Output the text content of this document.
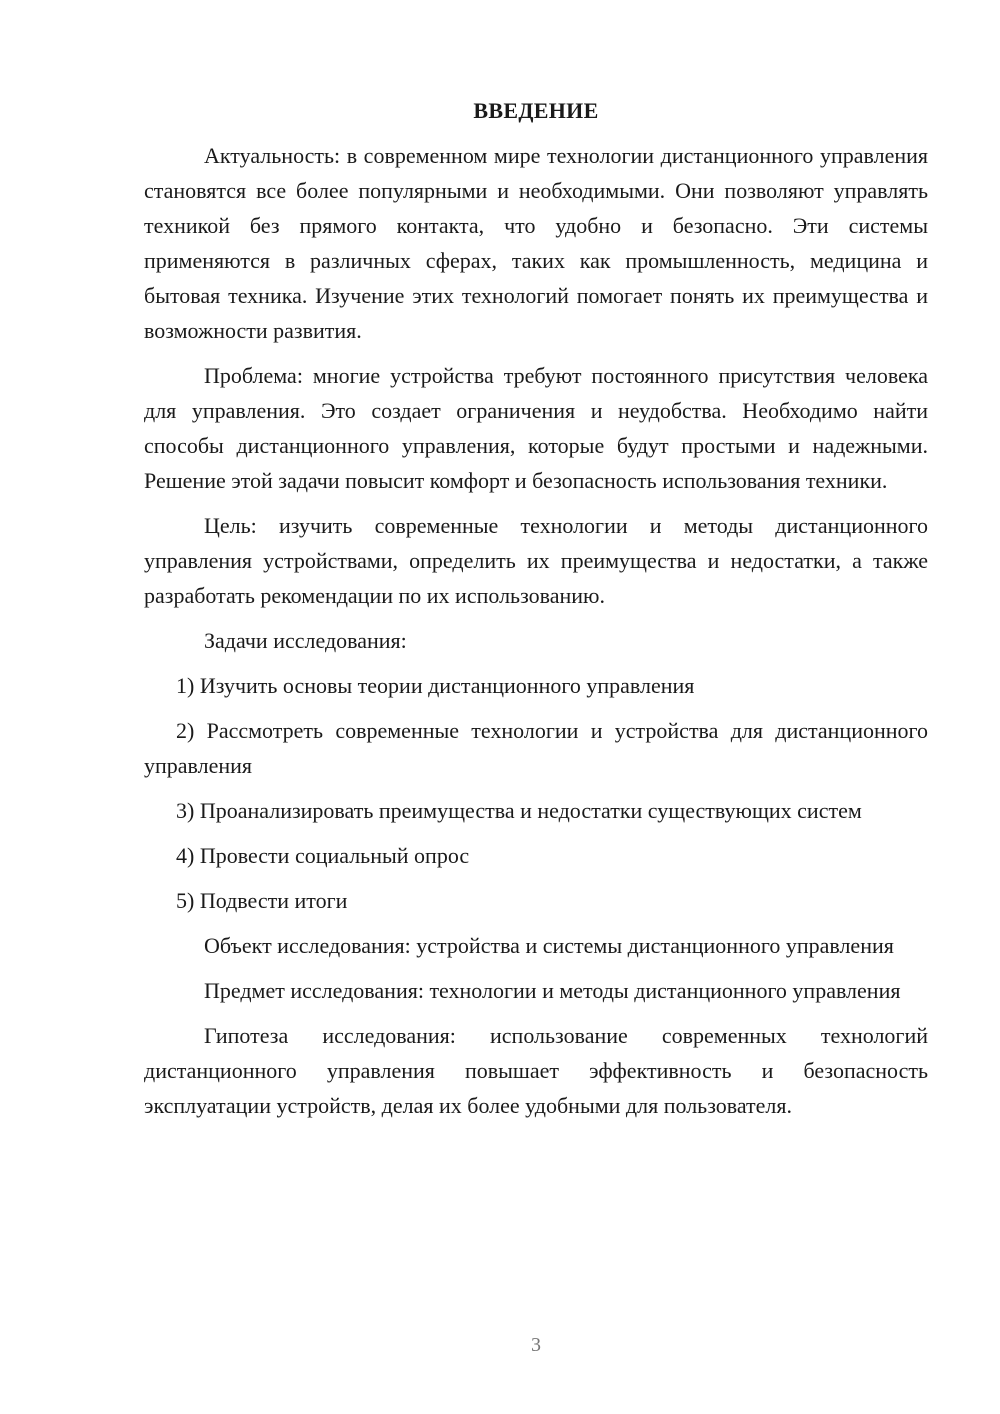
ВВЕДЕНИЕ

Актуальность: в современном мире технологии дистанционного управления становятся все более популярными и необходимыми. Они позволяют управлять техникой без прямого контакта, что удобно и безопасно. Эти системы применяются в различных сферах, таких как промышленность, медицина и бытовая техника. Изучение этих технологий помогает понять их преимущества и возможности развития.

Проблема: многие устройства требуют постоянного присутствия человека для управления. Это создает ограничения и неудобства. Необходимо найти способы дистанционного управления, которые будут простыми и надежными. Решение этой задачи повысит комфорт и безопасность использования техники.

Цель: изучить современные технологии и методы дистанционного управления устройствами, определить их преимущества и недостатки, а также разработать рекомендации по их использованию.

Задачи исследования:

1) Изучить основы теории дистанционного управления

2) Рассмотреть современные технологии и устройства для дистанционного управления

3) Проанализировать преимущества и недостатки существующих систем

4) Провести социальный опрос

5) Подвести итоги

Объект исследования: устройства и системы дистанционного управления

Предмет исследования: технологии и методы дистанционного управления

Гипотеза исследования: использование современных технологий дистанционного управления повышает эффективность и безопасность эксплуатации устройств, делая их более удобными для пользователя.

3
